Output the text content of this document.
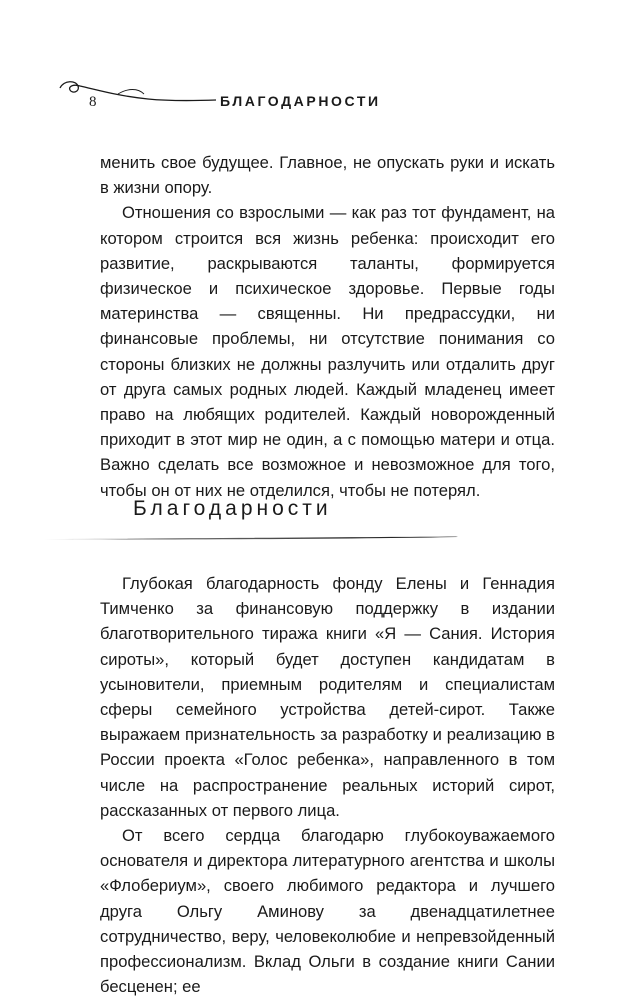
8	БЛАГОДАРНОСТИ

менить свое будущее. Главное, не опускать руки и искать в жизни опору.

Отношения со взрослыми — как раз тот фундамент, на котором строится вся жизнь ребенка: происходит его развитие, раскрываются таланты, формируется физическое и психическое здоровье. Первые годы материнства — священны. Ни предрассудки, ни финансовые проблемы, ни отсутствие понимания со стороны близких не должны разлучить или отдалить друг от друга самых родных людей. Каждый младенец имеет право на любящих родителей. Каждый новорожденный приходит в этот мир не один, а с помощью матери и отца. Важно сделать все возможное и невозможное для того, чтобы он от них не отделился, чтобы не потерял.

Благодарности

Глубокая благодарность фонду Елены и Геннадия Тимченко за финансовую поддержку в издании благотворительного тиража книги «Я — Сания. История сироты», который будет доступен кандидатам в усыновители, приемным родителям и специалистам сферы семейного устройства детей-сирот. Также выражаем признательность за разработку и реализацию в России проекта «Голос ребенка», направленного в том числе на распространение реальных историй сирот, рассказанных от первого лица.

От всего сердца благодарю глубокоуважаемого основателя и директора литературного агентства и школы «Флобериум», своего любимого редактора и лучшего друга Ольгу Аминову за двенадцатилетнее сотрудничество, веру, человеколюбие и непревзойденный профессионализм. Вклад Ольги в создание книги Сании бесценен; ее
